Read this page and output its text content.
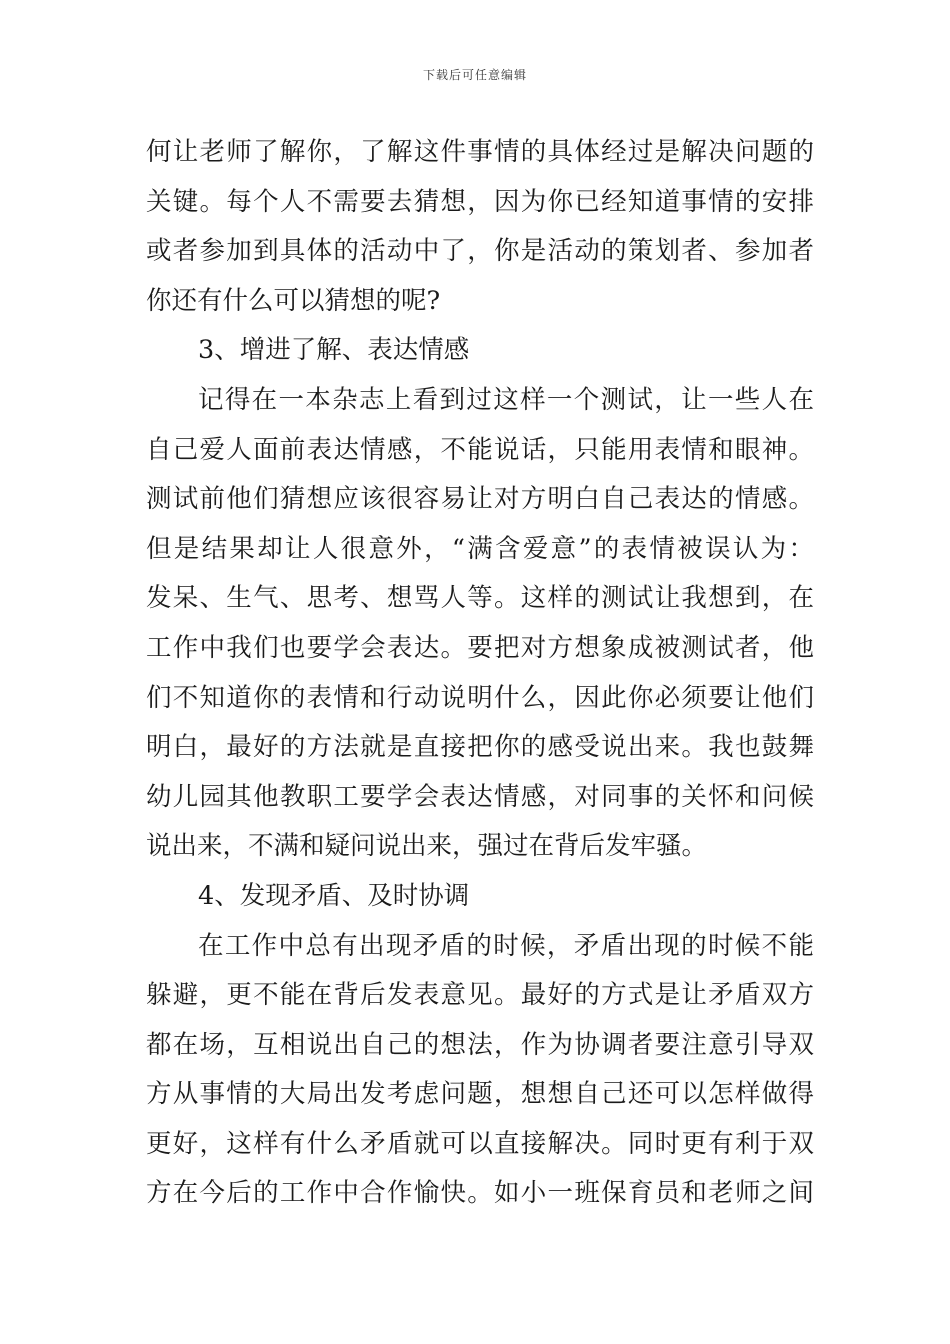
下载后可任意编辑
何让老师了解你，了解这件事情的具体经过是解决问题的
关键。每个人不需要去猜想，因为你已经知道事情的安排
或者参加到具体的活动中了，你是活动的策划者、参加者
你还有什么可以猜想的呢?
3、增进了解、表达情感
记得在一本杂志上看到过这样一个测试，让一些人在
自己爱人面前表达情感，不能说话，只能用表情和眼神。
测试前他们猜想应该很容易让对方明白自己表达的情感。
但是结果却让人很意外，“满含爱意”的表情被误认为：
发呆、生气、思考、想骂人等。这样的测试让我想到，在
工作中我们也要学会表达。要把对方想象成被测试者，他
们不知道你的表情和行动说明什么，因此你必须要让他们
明白，最好的方法就是直接把你的感受说出来。我也鼓舞
幼儿园其他教职工要学会表达情感，对同事的关怀和问候
说出来，不满和疑问说出来，强过在背后发牢骚。
4、发现矛盾、及时协调
在工作中总有出现矛盾的时候，矛盾出现的时候不能
躲避，更不能在背后发表意见。最好的方式是让矛盾双方
都在场，互相说出自己的想法，作为协调者要注意引导双
方从事情的大局出发考虑问题，想想自己还可以怎样做得
更好，这样有什么矛盾就可以直接解决。同时更有利于双
方在今后的工作中合作愉快。如小一班保育员和老师之间
